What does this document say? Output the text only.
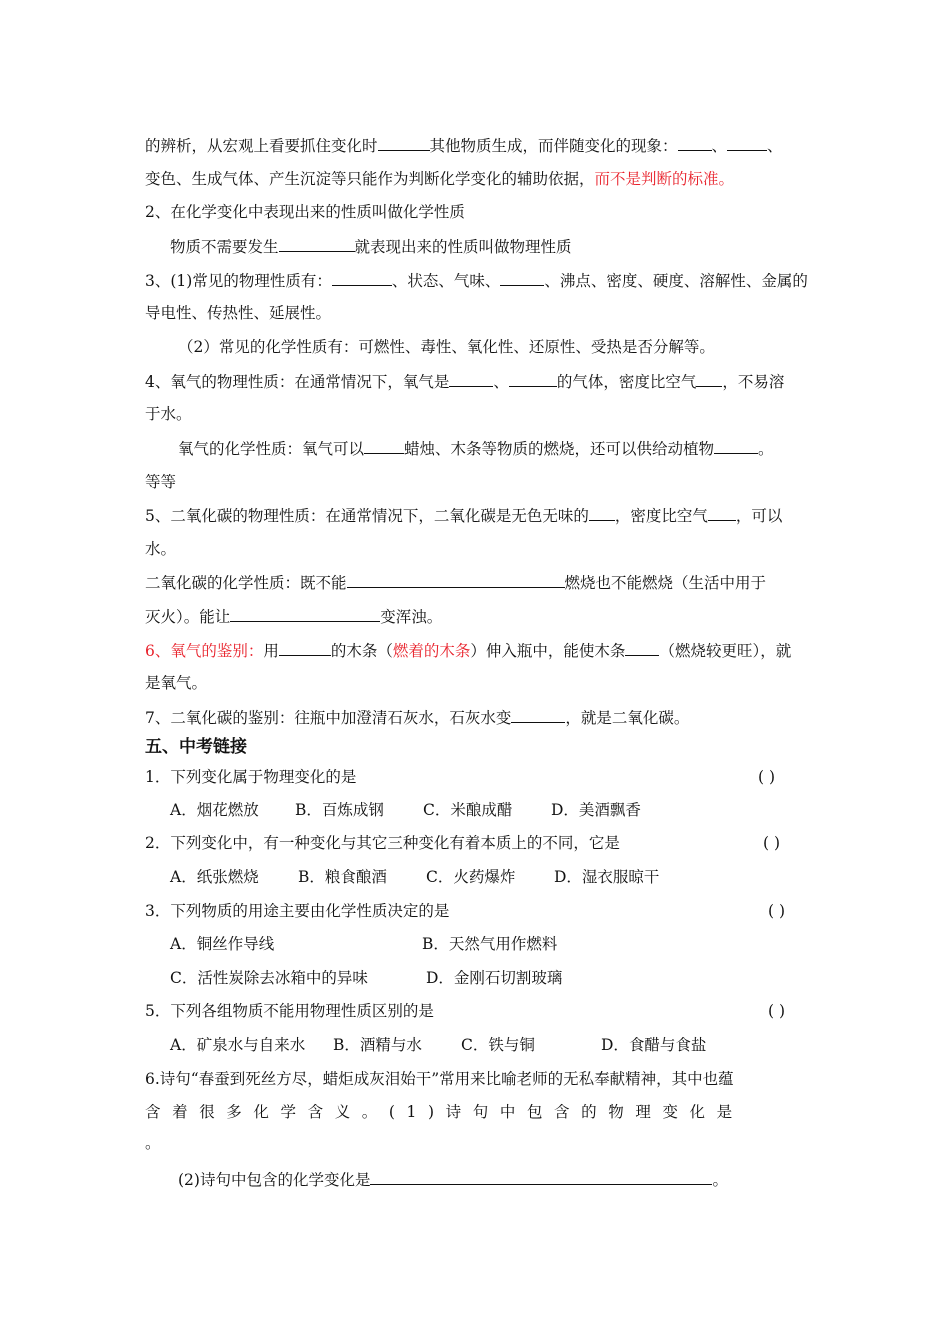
的辨析，从宏观上看要抓住变化时	其他物质生成，而伴随变化的现象： 、	、
变色、生成气体、产生沉淀等只能作为判断化学变化的辅助依据，而不是判断的标准。
2、在化学变化中表现出来的性质叫做化学性质
物质不需要发生	就表现出来的性质叫做物理性质
3、(1)常见的物理性质有：	、状态、气味、	、沸点、密度、硬度、溶解性、金属的
导电性、传热性、延展性。
（2）常见的化学性质有：可燃性、毒性、氧化性、还原性、受热是否分解等。
4、氧气的物理性质：在通常情况下，氧气是	、	的气体，密度比空气 ，不易溶
于水。
氧气的化学性质：氧气可以	蜡烛、木条等物质的燃烧，还可以供给动植物	。
等等
5、二氧化碳的物理性质：在通常情况下，二氧化碳是无色无味的 ，密度比空气 ，可以
水。
二氧化碳的化学性质：既不能	燃烧也不能燃烧（生活中用于
灭火）。能让	变浑浊。
6、氧气的鉴别：用	的木条（燃着的木条）伸入瓶中，能使木条 （燃烧较更旺），就
是氧气。
7、二氧化碳的鉴别：往瓶中加澄清石灰水，石灰水变	，就是二氧化碳。
五、中考链接
1．下列变化属于物理变化的是	( )
A．烟花燃放 B．百炼成钢	C．米酿成醋 D．美酒飘香
2．下列变化中，有一种变化与其它三种变化有着本质上的不同，它是	( )
A．纸张燃烧	B．粮食酿酒	C．火药爆炸 D．湿衣服晾干
3．下列物质的用途主要由化学性质决定的是	( )
A．铜丝作导线	B．天然气用作燃料
C．活性炭除去冰箱中的异味	D．金刚石切割玻璃
5．下列各组物质不能用物理性质区别的是	( )
A．矿泉水与自来水 B．酒精与水	C．铁与铜	D．食醋与食盐
6.诗句“春蚕到死丝方尽，蜡炬成灰泪始干”常用来比喻老师的无私奉献精神，其中也蕴
含着很多化学含义。(1)诗句中包含的物理变化是
。
(2)诗句中包含的化学变化是	。
